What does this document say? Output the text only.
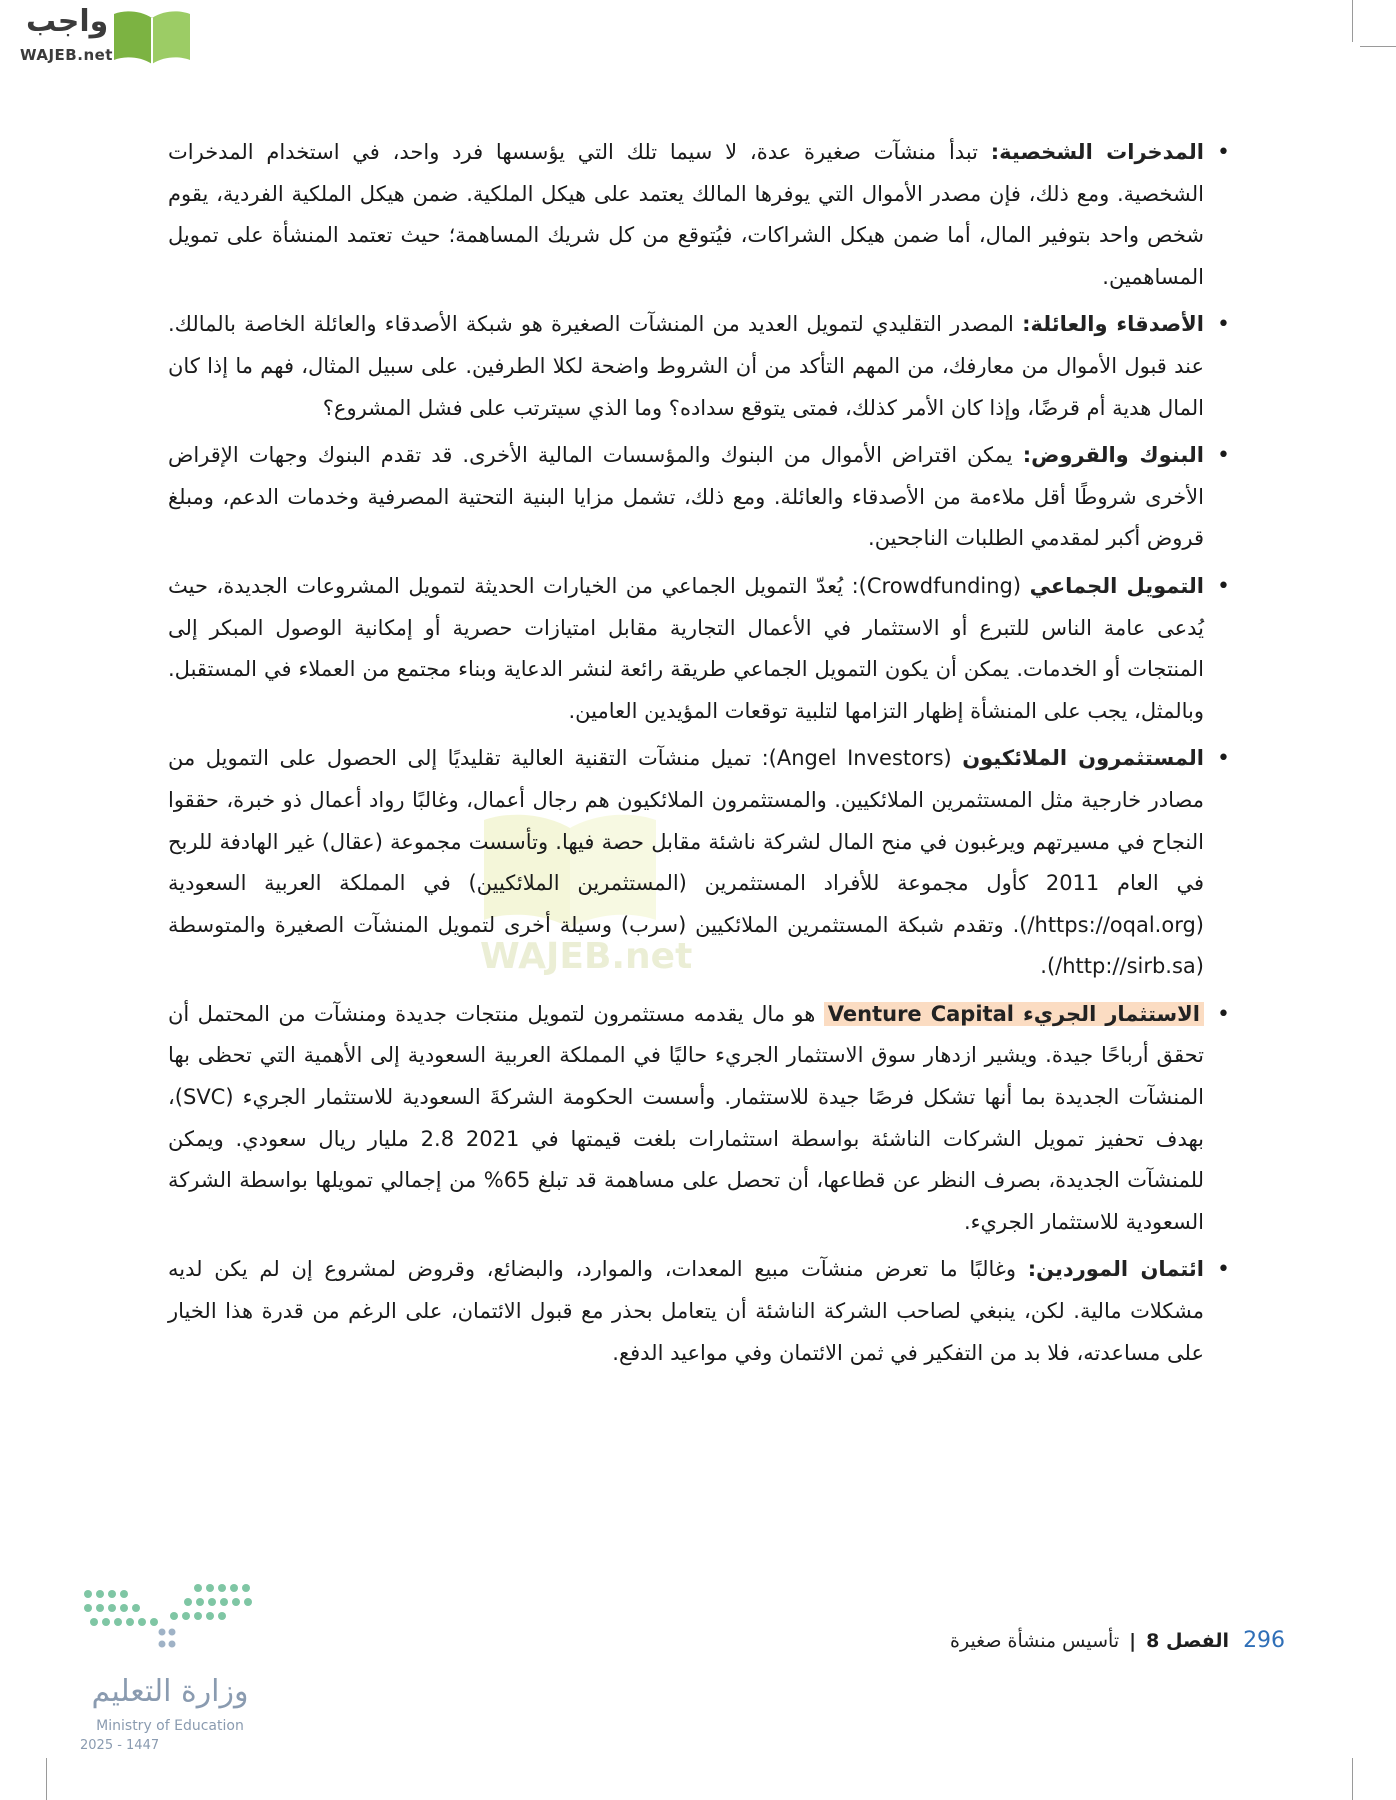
واجب
WAJEB.net
WAJEB.net
•
المدخرات الشخصية: تبدأ منشآت صغيرة عدة، لا سيما تلك التي يؤسسها فرد واحد، في استخدام المدخرات الشخصية. ومع ذلك، فإن مصدر الأموال التي يوفرها المالك يعتمد على هيكل الملكية. ضمن هيكل الملكية الفردية، يقوم شخص واحد بتوفير المال، أما ضمن هيكل الشراكات، فيُتوقع من كل شريك المساهمة؛ حيث تعتمد المنشأة على تمويل المساهمين.
•
الأصدقاء والعائلة: المصدر التقليدي لتمويل العديد من المنشآت الصغيرة هو شبكة الأصدقاء والعائلة الخاصة بالمالك. عند قبول الأموال من معارفك، من المهم التأكد من أن الشروط واضحة لكلا الطرفين. على سبيل المثال، فهم ما إذا كان المال هدية أم قرضًا، وإذا كان الأمر كذلك، فمتى يتوقع سداده؟ وما الذي سيترتب على فشل المشروع؟
•
البنوك والقروض: يمكن اقتراض الأموال من البنوك والمؤسسات المالية الأخرى. قد تقدم البنوك وجهات الإقراض الأخرى شروطًا أقل ملاءمة من الأصدقاء والعائلة. ومع ذلك، تشمل مزايا البنية التحتية المصرفية وخدمات الدعم، ومبلغ قروض أكبر لمقدمي الطلبات الناجحين.
•
التمويل الجماعي (Crowdfunding): يُعدّ التمويل الجماعي من الخيارات الحديثة لتمويل المشروعات الجديدة، حيث يُدعى عامة الناس للتبرع أو الاستثمار في الأعمال التجارية مقابل امتيازات حصرية أو إمكانية الوصول المبكر إلى المنتجات أو الخدمات. يمكن أن يكون التمويل الجماعي طريقة رائعة لنشر الدعاية وبناء مجتمع من العملاء في المستقبل. وبالمثل، يجب على المنشأة إظهار التزامها لتلبية توقعات المؤيدين العامين.
•
المستثمرون الملائكيون (Angel Investors): تميل منشآت التقنية العالية تقليديًا إلى الحصول على التمويل من مصادر خارجية مثل المستثمرين الملائكيين. والمستثمرون الملائكيون هم رجال أعمال، وغالبًا رواد أعمال ذو خبرة، حققوا النجاح في مسيرتهم ويرغبون في منح المال لشركة ناشئة مقابل حصة فيها. وتأسست مجموعة (عقال) غير الهادفة للربح في العام 2011 كأول مجموعة للأفراد المستثمرين (المستثمرين الملائكيين) في المملكة العربية السعودية (https://oqal.org/). وتقدم شبكة المستثمرين الملائكيين (سرب) وسيلة أخرى لتمويل المنشآت الصغيرة والمتوسطة (http://sirb.sa/).
•
الاستثمار الجريء Venture Capital هو مال يقدمه مستثمرون لتمويل منتجات جديدة ومنشآت من المحتمل أن تحقق أرباحًا جيدة. ويشير ازدهار سوق الاستثمار الجريء حاليًا في المملكة العربية السعودية إلى الأهمية التي تحظى بها المنشآت الجديدة بما أنها تشكل فرصًا جيدة للاستثمار. وأسست الحكومة الشركةَ السعودية للاستثمار الجريء (SVC)، بهدف تحفيز تمويل الشركات الناشئة بواسطة استثمارات بلغت قيمتها في 2021 2.8 مليار ريال سعودي. ويمكن للمنشآت الجديدة، بصرف النظر عن قطاعها، أن تحصل على مساهمة قد تبلغ 65% من إجمالي تمويلها بواسطة الشركة السعودية للاستثمار الجريء.
•
ائتمان الموردين: وغالبًا ما تعرض منشآت مبيع المعدات، والموارد، والبضائع، وقروض لمشروع إن لم يكن لديه مشكلات مالية. لكن، ينبغي لصاحب الشركة الناشئة أن يتعامل بحذر مع قبول الائتمان، على الرغم من قدرة هذا الخيار على مساعدته، فلا بد من التفكير في ثمن الائتمان وفي مواعيد الدفع.
296 الفصل 8 | تأسيس منشأة صغيرة
وزارة التعليم
Ministry of Education
2025 - 1447
